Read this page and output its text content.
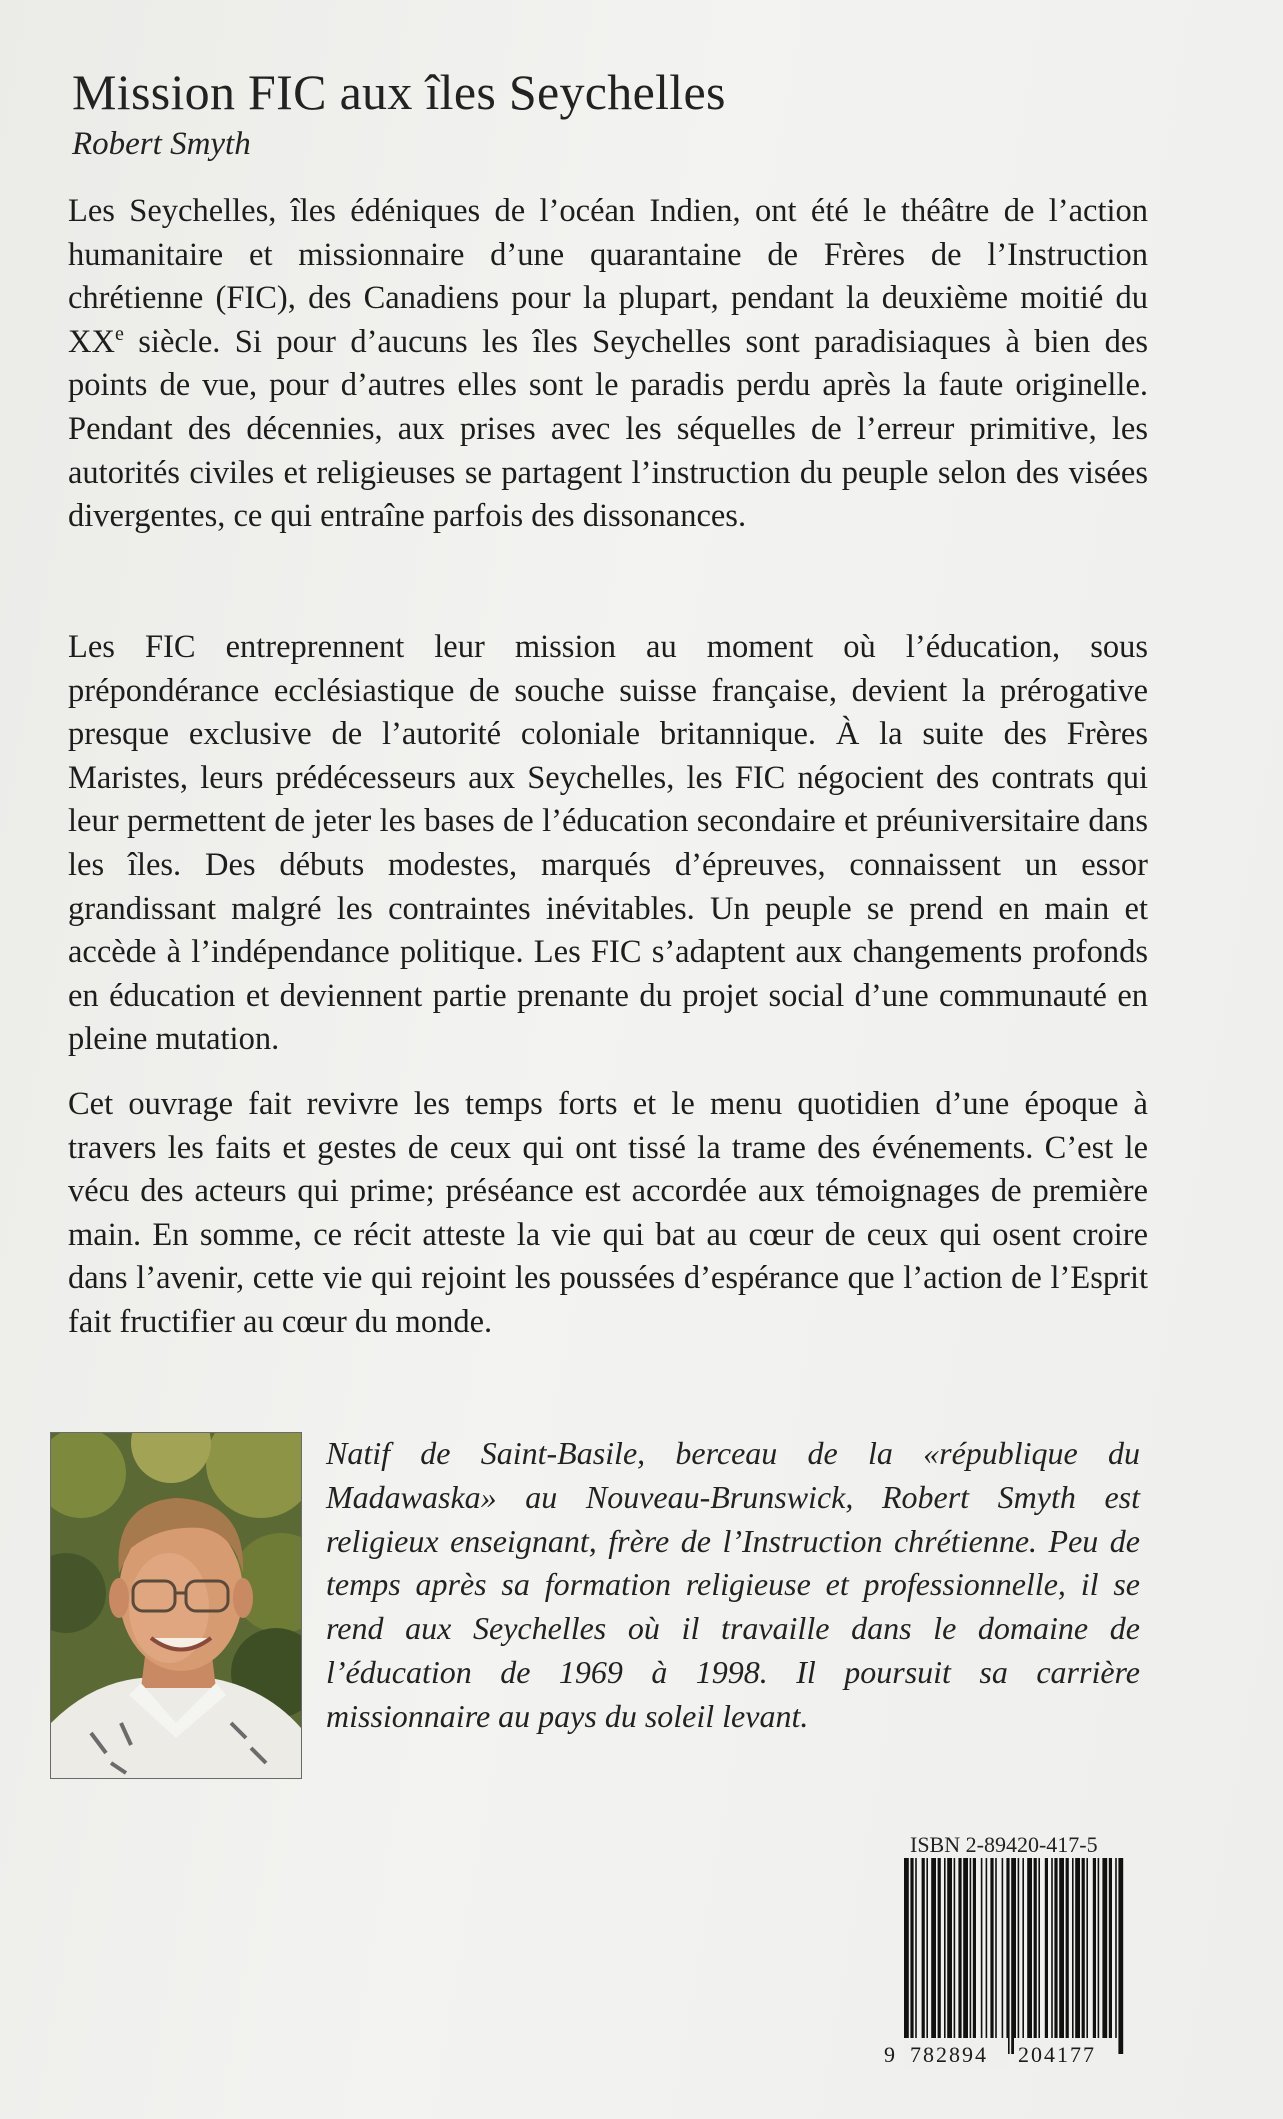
Mission FIC aux îles Seychelles
Robert Smyth
Les Seychelles, îles édéniques de l’océan Indien, ont été le théâtre de l’action humanitaire et missionnaire d’une quarantaine de Frères de l’Instruction chrétienne (FIC), des Canadiens pour la plupart, pendant la deuxième moitié du XXe siècle. Si pour d’aucuns les îles Seychelles sont paradisiaques à bien des points de vue, pour d’autres elles sont le paradis perdu après la faute originelle. Pendant des décennies, aux prises avec les séquelles de l’erreur primitive, les autorités civiles et religieuses se partagent l’instruction du peuple selon des visées divergentes, ce qui entraîne parfois des dissonances.
Les FIC entreprennent leur mission au moment où l’éducation, sous prépondérance ecclésiastique de souche suisse française, devient la prérogative presque exclusive de l’autorité coloniale britannique. À la suite des Frères Maristes, leurs prédécesseurs aux Seychelles, les FIC négocient des contrats qui leur permettent de jeter les bases de l’éducation secondaire et préuniversitaire dans les îles. Des débuts modestes, marqués d’épreuves, connaissent un essor grandissant malgré les contraintes inévitables. Un peuple se prend en main et accède à l’indépendance politique. Les FIC s’adaptent aux changements profonds en éducation et deviennent partie prenante du projet social d’une communauté en pleine mutation.
Cet ouvrage fait revivre les temps forts et le menu quotidien d’une époque à travers les faits et gestes de ceux qui ont tissé la trame des événements. C’est le vécu des acteurs qui prime; préséance est accordée aux témoignages de première main. En somme, ce récit atteste la vie qui bat au cœur de ceux qui osent croire dans l’avenir, cette vie qui rejoint les poussées d’espérance que l’action de l’Esprit fait fructifier au cœur du monde.
Natif de Saint-Basile, berceau de la «république du Madawaska» au Nouveau-Brunswick, Robert Smyth est religieux enseignant, frère de l’Instruction chrétienne. Peu de temps après sa formation religieuse et professionnelle, il se rend aux Seychelles où il travaille dans le domaine de l’éducation de 1969 à 1998. Il poursuit sa carrière missionnaire au pays du soleil levant.
ISBN 2-89420-417-5
9 782894 204177
